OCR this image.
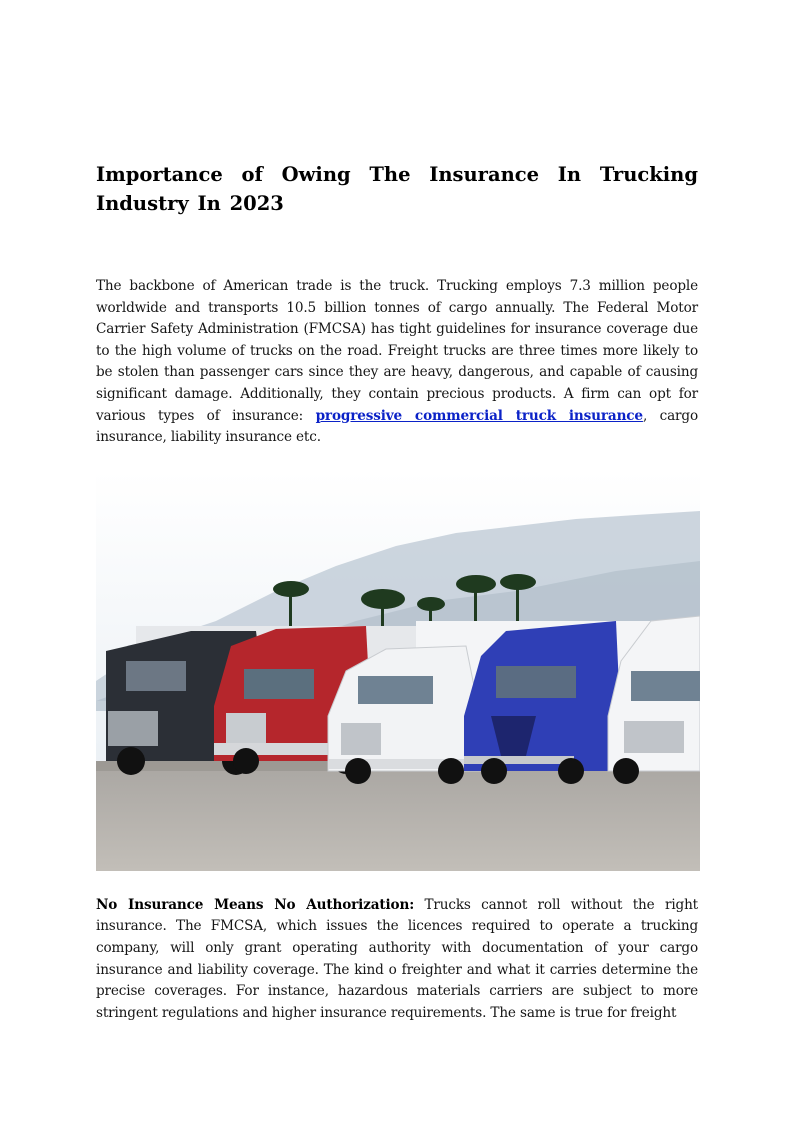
Importance of Owing The Insurance In Trucking Industry In 2023

The backbone of American trade is the truck. Trucking employs 7.3 million people worldwide and transports 10.5 billion tonnes of cargo annually. The Federal Motor Carrier Safety Administration (FMCSA) has tight guidelines for insurance coverage due to the high volume of trucks on the road. Freight trucks are three times more likely to be stolen than passenger cars since they are heavy, dangerous, and capable of causing significant damage. Additionally, they contain precious products. A firm can opt for various types of insurance: progressive commercial truck insurance, cargo insurance, liability insurance etc.

No Insurance Means No Authorization: Trucks cannot roll without the right insurance. The FMCSA, which issues the licences required to operate a trucking company, will only grant operating authority with documentation of your cargo insurance and liability coverage. The kind o freighter and what it carries determine the precise coverages. For instance, hazardous materials carriers are subject to more stringent regulations and higher insurance requirements. The same is true for freight
